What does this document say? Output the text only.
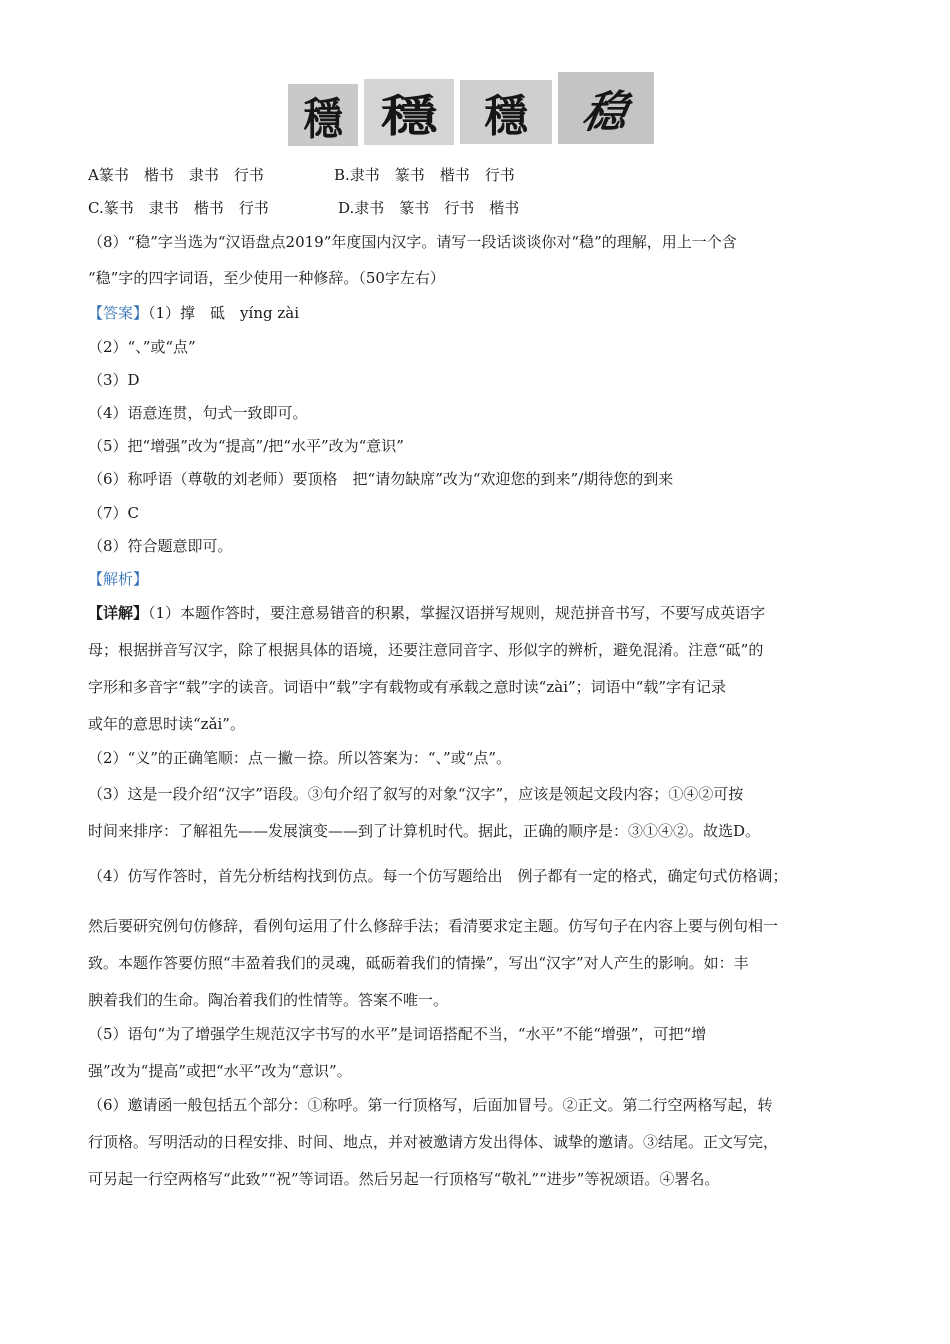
穩 穩 穩 稳
A篆书　楷书　隶书　行书	B.隶书　篆书　楷书　行书
C.篆书　隶书　楷书　行书	D.隶书　篆书　行书　楷书
（8）“稳”字当选为“汉语盘点2019”年度国内汉字。请写一段话谈谈你对“稳”的理解，用上一个含
“稳”字的四字词语，至少使用一种修辞。（50字左右）
【答案】（1）撑　砥　yíng zài
（2）“、”或“点”
（3）D
（4）语意连贯，句式一致即可。
（5）把“增强”改为“提高”/把“水平”改为“意识”
（6）称呼语（尊敬的刘老师）要顶格　把“请勿缺席”改为“欢迎您的到来”/期待您的到来
（7）C
（8）符合题意即可。
【解析】
【详解】（1）本题作答时，要注意易错音的积累，掌握汉语拼写规则，规范拼音书写，不要写成英语字
母；根据拼音写汉字，除了根据具体的语境，还要注意同音字、形似字的辨析，避免混淆。注意“砥”的
字形和多音字“载”字的读音。词语中“载”字有载物或有承载之意时读“zài”；词语中“载”字有记录
或年的意思时读“zǎi”。
（2）“义”的正确笔顺：点－撇－捺。所以答案为：“、”或“点”。
（3）这是一段介绍“汉字”语段。③句介绍了叙写的对象“汉字”，应该是领起文段内容；①④②可按
时间来排序：了解祖先——发展演变——到了计算机时代。据此，正确的顺序是：③①④②。故选D。
（4）仿写作答时，首先分析结构找到仿点。每一个仿写题给出　例子都有一定的格式，确定句式仿格调；
然后要研究例句仿修辞，看例句运用了什么修辞手法；看清要求定主题。仿写句子在内容上要与例句相一
致。本题作答要仿照“丰盈着我们的灵魂，砥砺着我们的情操”，写出“汉字”对人产生的影响。如：丰
腴着我们的生命。陶冶着我们的性情等。答案不唯一。
（5）语句“为了增强学生规范汉字书写的水平”是词语搭配不当，“水平”不能“增强”，可把“增
强”改为“提高”或把“水平”改为“意识”。
（6）邀请函一般包括五个部分：①称呼。第一行顶格写，后面加冒号。②正文。第二行空两格写起，转
行顶格。写明活动的日程安排、时间、地点，并对被邀请方发出得体、诚挚的邀请。③结尾。正文写完，
可另起一行空两格写“此致”“祝”等词语。然后另起一行顶格写“敬礼”“进步”等祝颂语。④署名。
